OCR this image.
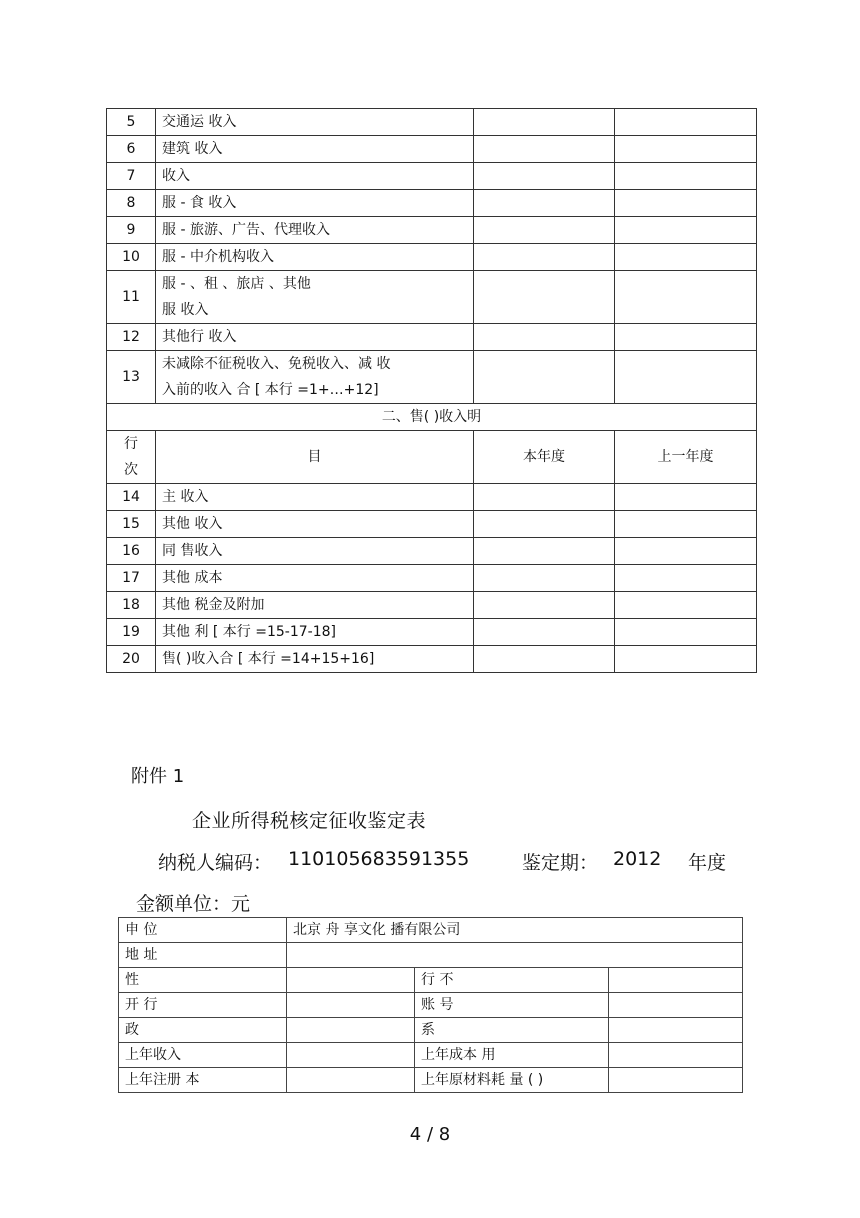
5	交通运 收入		
6	建筑 收入		
7	收入		
8	服 - 食 收入		
9	服 - 旅游、广告、代理收入		
10	服 - 中介机构收入		
11	服 - 、租 、旅店 、其他
服 收入		

12	其他行 收入		
13	未减除不征税收入、免税收入、减 收
入前的收入 合 [ 本行 =1+…+12]		

二、售( )收入明			

行
次	目	本年度	上一年度
14	主 收入		
15	其他 收入		
16	同 售收入		
17	其他 成本		
18	其他 税金及附加		
19	其他 利 [ 本行 =15-17-18]		
20	售( )收入合 [ 本行 =14+15+16]		
附件 1
企业所得税核定征收鉴定表
纳税人编码： 110105683591355	鉴定期： 2012 年度
金额单位：元
申 位	北京 舟 享文化 播有限公司		
地 址			
性		行 不	
开 行		账 号	
政		系	
上年收入		上年成本 用	
上年注册 本		上年原材料耗 量 ( )	
4 / 8
